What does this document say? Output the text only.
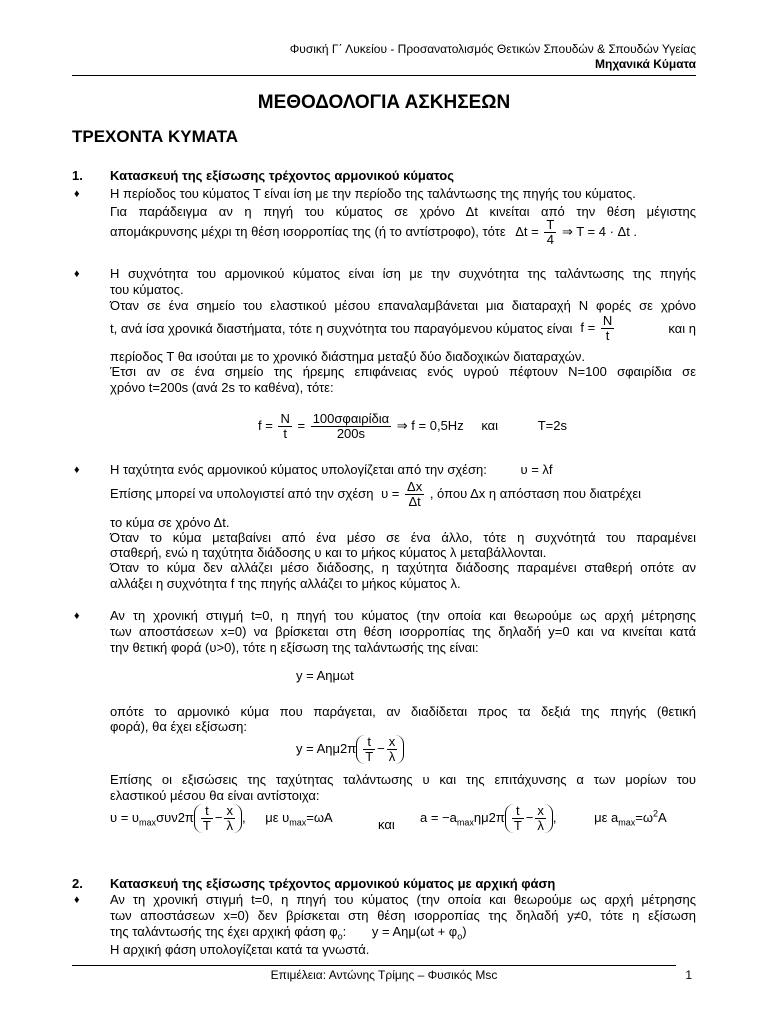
Φυσική Γ΄ Λυκείου - Προσανατολισμός Θετικών Σπουδών & Σπουδών Υγείας
Μηχανικά Κύματα
ΜΕΘΟΔΟΛΟΓΙΑ ΑΣΚΗΣΕΩΝ
ΤΡΕΧΟΝΤΑ ΚΥΜΑΤΑ
1. Κατασκευή της εξίσωσης τρέχοντος αρμονικού κύματος
♦ Η περίοδος του κύματος Τ είναι ίση με την περίοδο της ταλάντωσης της πηγής του κύματος.
Για παράδειγμα αν η πηγή του κύματος σε χρόνο Δt κινείται από την θέση μέγιστης
απομάκρυνσης μέχρι τη θέση ισορροπίας της (ή το αντίστροφο), τότε $\Delta t = \frac{T}{4}$ ⇒ T = 4 · Δt .
♦ Η συχνότητα του αρμονικού κύματος είναι ίση με την συχνότητα της ταλάντωσης της πηγής
του κύματος.
Όταν σε ένα σημείο του ελαστικού μέσου επαναλαμβάνεται μια διαταραχή Ν φορές σε χρόνο
t, ανά ίσα χρονικά διαστήματα, τότε η συχνότητα του παραγόμενου κύματος είναι $f = \frac{N}{t}$	και η
περίοδος Τ θα ισούται με το χρονικό διάστημα μεταξύ δύο διαδοχικών διαταραχών.
Έτσι αν σε ένα σημείο της ήρεμης επιφάνειας ενός υγρού πέφτουν Ν=100 σφαιρίδια σε
χρόνο t=200s (ανά 2s το καθένα), τότε:
$f = \frac{N}{t} = \frac{\text{100σφαιρίδια}}{200s}$ ⇒ f = 0,5Hz και	T=2s
♦ Η ταχύτητα ενός αρμονικού κύματος υπολογίζεται από την σχέση:	υ = λf
Επίσης μπορεί να υπολογιστεί από την σχέση $\upsilon = \frac{\Delta x}{\Delta t}$ , όπου Δx η απόσταση που διατρέχει
το κύμα σε χρόνο Δt.
Όταν το κύμα μεταβαίνει από ένα μέσο σε ένα άλλο, τότε η συχνότητά του παραμένει
σταθερή, ενώ η ταχύτητα διάδοσης υ και το μήκος κύματος λ μεταβάλλονται.
Όταν το κύμα δεν αλλάζει μέσο διάδοσης, η ταχύτητα διάδοσης παραμένει σταθερή οπότε αν
αλλάξει η συχνότητα f της πηγής αλλάζει το μήκος κύματος λ.
♦ Αν τη χρονική στιγμή t=0, η πηγή του κύματος (την οποία και θεωρούμε ως αρχή μέτρησης
των αποστάσεων x=0) να βρίσκεται στη θέση ισορροπίας της δηλαδή y=0 και να κινείται κατά
την θετική φορά (υ>0), τότε η εξίσωση της ταλάντωσής της είναι:
y = Aημωt
οπότε το αρμονικό κύμα που παράγεται, αν διαδίδεται προς τα δεξιά της πηγής (θετική
φορά), θα έχει εξίσωση:
$y = A\eta\mu 2\pi \frac{t}{T} - \frac{x}{\lambda}$
Επίσης οι εξισώσεις της ταχύτητας ταλάντωσης υ και της επιτάχυνσης α των μορίων του
ελαστικού μέσου θα είναι αντίστοιχα:
$\upsilon = \upsilon_{max}\sigma\upsilon\nu 2\pi \frac{t}{T} - \frac{x}{\lambda}$ , με $\upsilon_{max}=\omega A$	και $a = -a_{max}\eta\mu 2\pi \frac{t}{T} - \frac{x}{\lambda}$ ,	με $a_{max}=\omega^2A$
2. Κατασκευή της εξίσωσης τρέχοντος αρμονικού κύματος με αρχική φάση
♦ Αν τη χρονική στιγμή t=0, η πηγή του κύματος (την οποία και θεωρούμε ως αρχή μέτρησης
των αποστάσεων x=0) δεν βρίσκεται στη θέση ισορροπίας της δηλαδή y≠0, τότε η εξίσωση
της ταλάντωσής της έχει αρχική φάση $\varphi_o$: $y = A\eta\mu(\omega t + \varphi_o)$
Η αρχική φάση υπολογίζεται κατά τα γνωστά.
Επιμέλεια: Αντώνης Τρίμης – Φυσικός Msc	1
